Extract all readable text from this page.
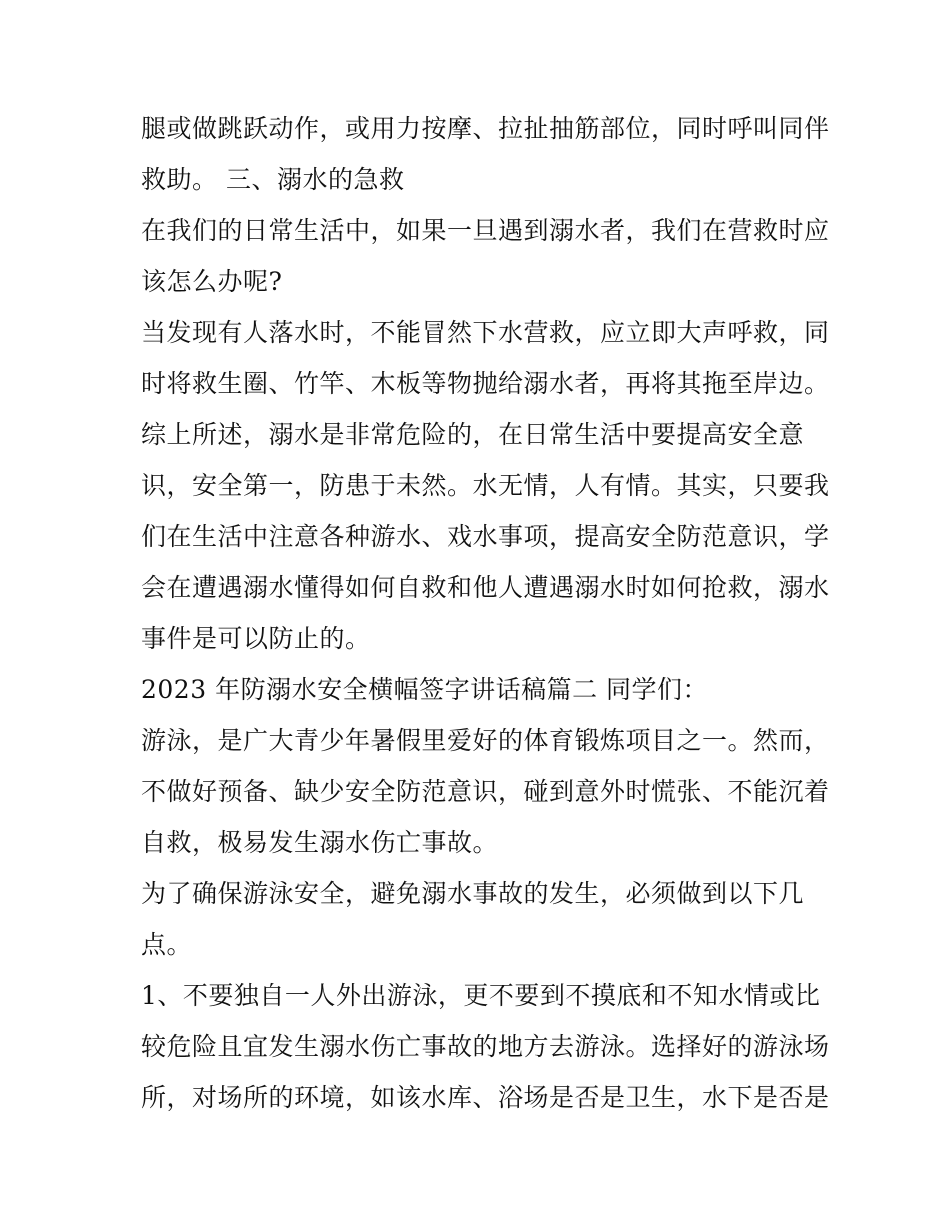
腿或做跳跃动作，或用力按摩、拉扯抽筋部位，同时呼叫同伴
救助。 三、溺水的急救
在我们的日常生活中，如果一旦遇到溺水者，我们在营救时应
该怎么办呢?
当发现有人落水时，不能冒然下水营救，应立即大声呼救，同
时将救生圈、竹竿、木板等物抛给溺水者，再将其拖至岸边。
综上所述，溺水是非常危险的，在日常生活中要提高安全意
识，安全第一，防患于未然。水无情，人有情。其实，只要我
们在生活中注意各种游水、戏水事项，提高安全防范意识，学
会在遭遇溺水懂得如何自救和他人遭遇溺水时如何抢救，溺水
事件是可以防止的。
2023 年防溺水安全横幅签字讲话稿篇二 同学们：
游泳，是广大青少年暑假里爱好的体育锻炼项目之一。然而，
不做好预备、缺少安全防范意识，碰到意外时慌张、不能沉着
自救，极易发生溺水伤亡事故。
为了确保游泳安全，避免溺水事故的发生，必须做到以下几
点。
1、不要独自一人外出游泳，更不要到不摸底和不知水情或比
较危险且宜发生溺水伤亡事故的地方去游泳。选择好的游泳场
所，对场所的环境，如该水库、浴场是否是卫生，水下是否是
